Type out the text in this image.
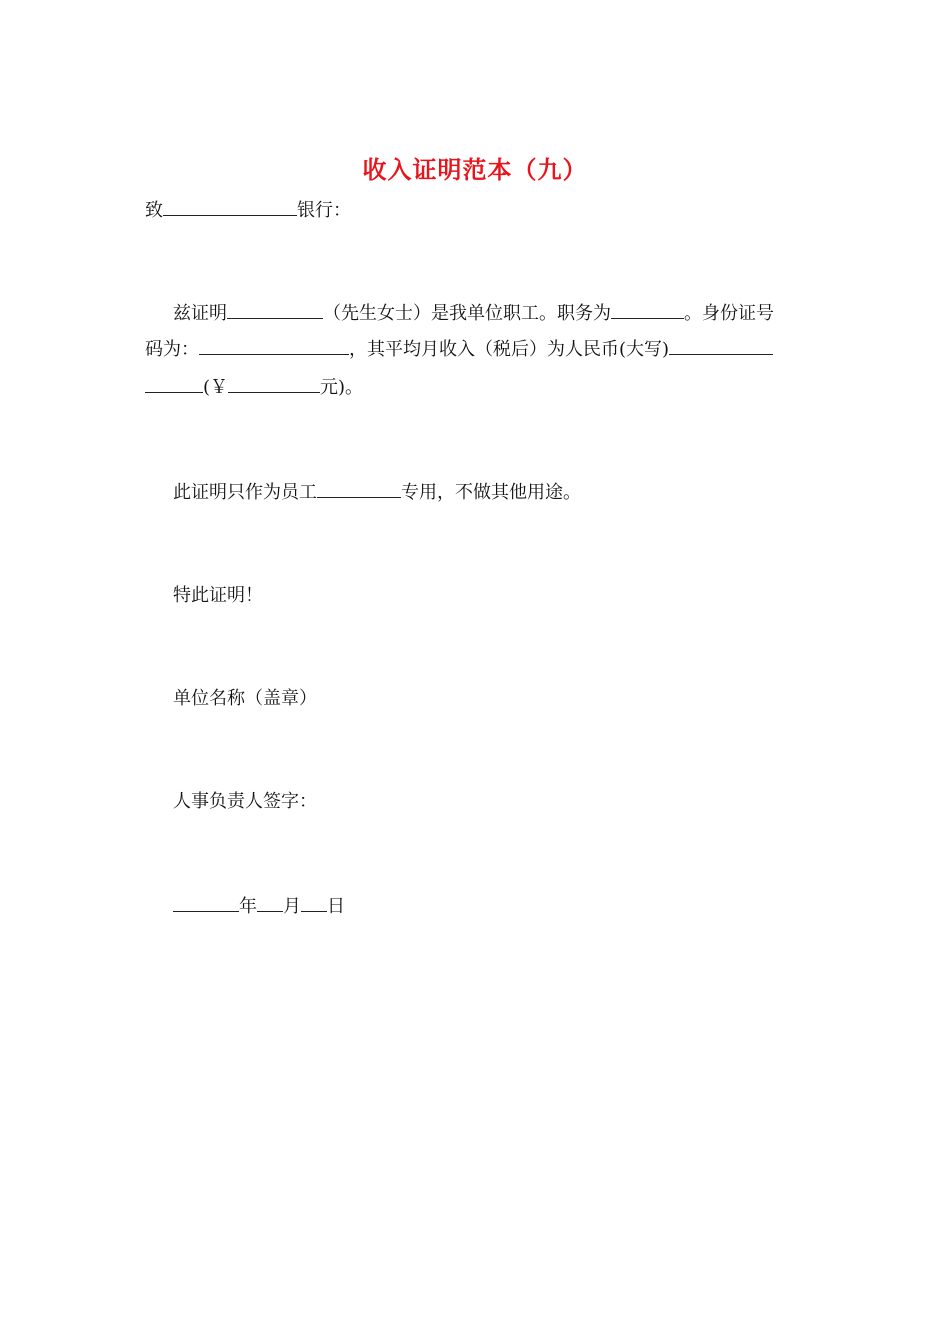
收入证明范本（九）
致	银行：
兹证明	（先生女士）是我单位职工。职务为	。身份证号
码为：	，其平均月收入（税后）为人民币(大写)
(￥	元)。
此证明只作为员工	专用，不做其他用途。
特此证明！
单位名称（盖章）
人事负责人签字：
年 月 日
